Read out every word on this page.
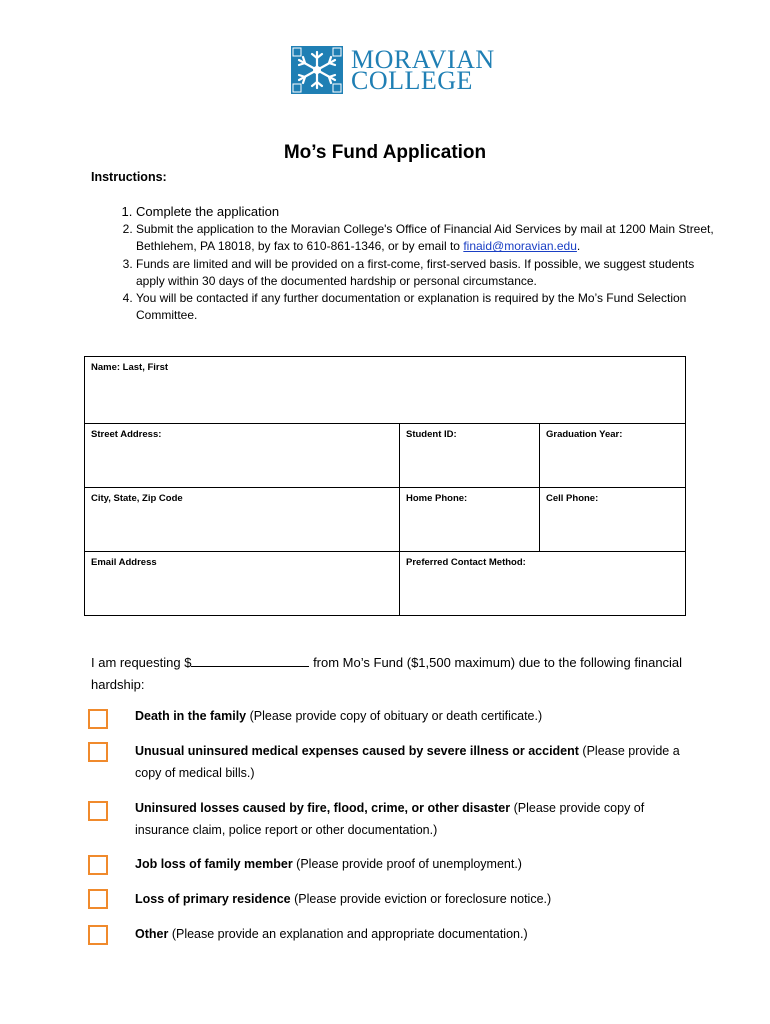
MORAVIAN
COLLEGE
Mo’s Fund Application
Instructions:
1. Complete the application
2. Submit the application to the Moravian College's Office of Financial Aid Services by mail at 1200 Main Street, Bethlehem, PA 18018, by fax to 610-861-1346, or by email to finaid@moravian.edu.
3. Funds are limited and will be provided on a first-come, first-served basis. If possible, we suggest students apply within 30 days of the documented hardship or personal circumstance.
4. You will be contacted if any further documentation or explanation is required by the Mo’s Fund Selection Committee.
Name: Last, First
Street Address:	Student ID:	Graduation Year:
City, State, Zip Code	Home Phone:	Cell Phone:
Email Address	Preferred Contact Method:
I am requesting $	from Mo’s Fund ($1,500 maximum) due to the following financial hardship:
Death in the family (Please provide copy of obituary or death certificate.)
Unusual uninsured medical expenses caused by severe illness or accident (Please provide a copy of medical bills.)
Uninsured losses caused by fire, flood, crime, or other disaster (Please provide copy of insurance claim, police report or other documentation.)
Job loss of family member (Please provide proof of unemployment.)
Loss of primary residence (Please provide eviction or foreclosure notice.)
Other (Please provide an explanation and appropriate documentation.)
